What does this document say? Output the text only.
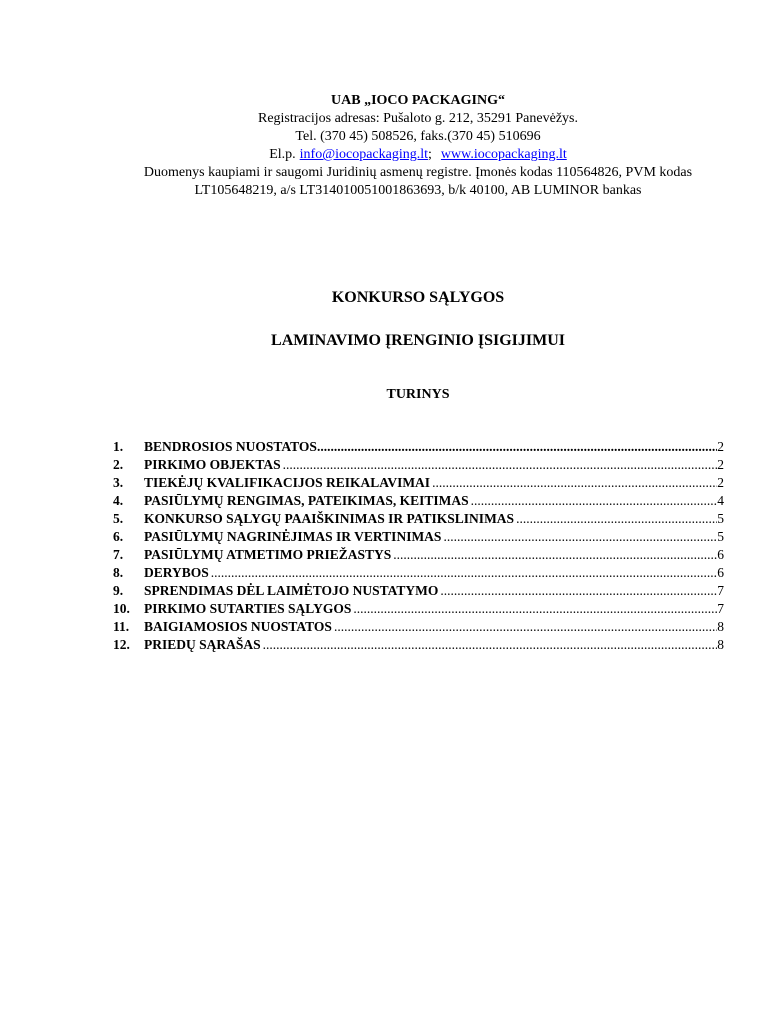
UAB „IOCO PACKAGING“
Registracijos adresas: Pušaloto g. 212, 35291 Panevėžys.
Tel. (370 45) 508526, faks.(370 45) 510696
El.p. info@iocopackaging.lt; www.iocopackaging.lt
Duomenys kaupiami ir saugomi Juridinių asmenų registre. Įmonės kodas 110564826, PVM kodas
LT105648219, a/s LT314010051001863693, b/k 40100, AB LUMINOR bankas
KONKURSO SĄLYGOS
LAMINAVIMO ĮRENGINIO ĮSIGIJIMUI
TURINYS
1.	BENDROSIOS NUOSTATOS .....	2
2.	PIRKIMO OBJEKTAS .....	2
3.	TIEKĖJŲ KVALIFIKACIJOS REIKALAVIMAI .....	2
4.	PASIŪLYMŲ RENGIMAS, PATEIKIMAS, KEITIMAS .....	4
5.	KONKURSO SĄLYGŲ PAAIŠKINIMAS IR PATIKSLINIMAS .....	5
6.	PASIŪLYMŲ NAGRINĖJIMAS IR VERTINIMAS .....	5
7.	PASIŪLYMŲ ATMETIMO PRIEŽASTYS .....	6
8.	DERYBOS .....	6
9.	SPRENDIMAS DĖL LAIMĖTOJO NUSTATYMO .....	7
10.	PIRKIMO SUTARTIES SĄLYGOS .....	7
11.	BAIGIAMOSIOS NUOSTATOS .....	8
12.	PRIEDŲ SĄRAŠAS .....	8
